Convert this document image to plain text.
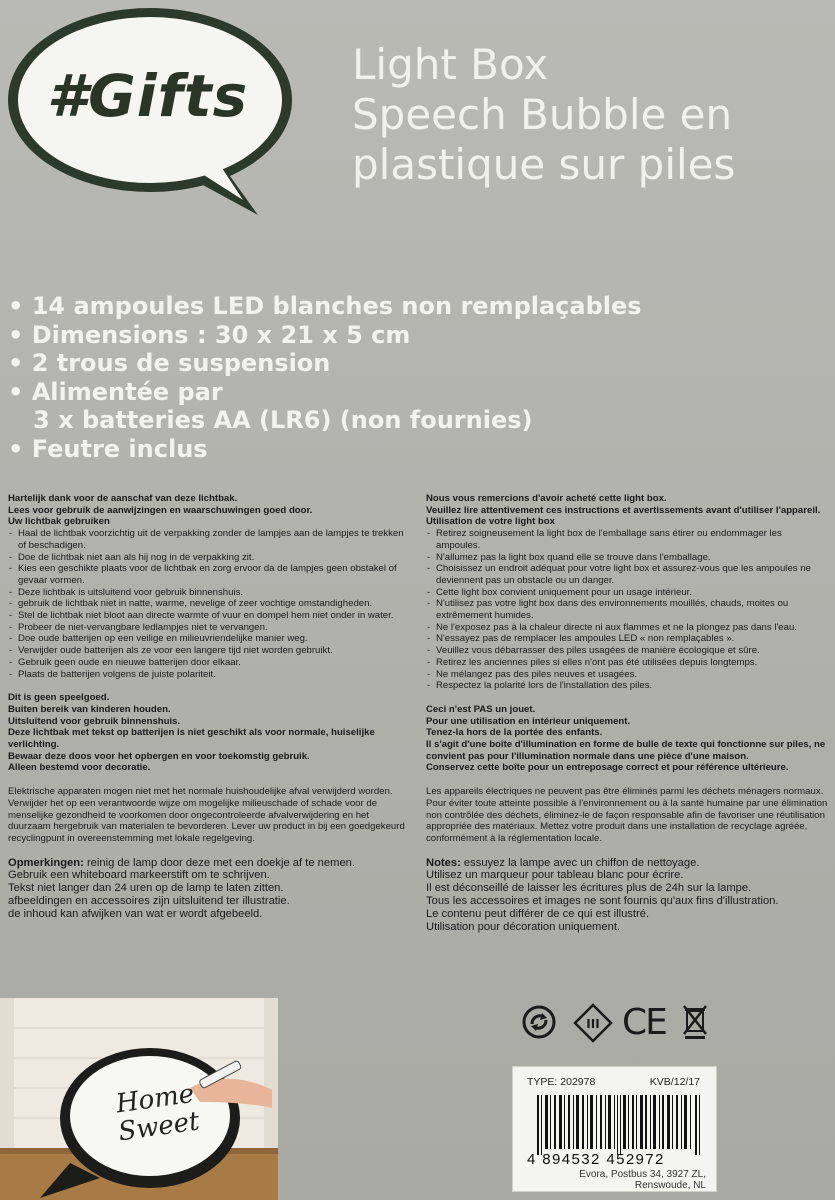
#Gifts Light Box
Speech Bubble en
plastique sur piles
• 14 ampoules LED blanches non remplaçables
• Dimensions : 30 x 21 x 5 cm
• 2 trous de suspension
• Alimentée par
3 x batteries AA (LR6) (non fournies)
• Feutre inclus

Hartelijk dank voor de aanschaf van deze lichtbak.

Lees voor gebruik de aanwijzingen en waarschuwingen goed door.

Uw lichtbak gebruiken

- Haal de lichtbak voorzichtig uit de verpakking zonder de lampjes aan de lampjes te trekken of beschadigen.
- Doe de lichtbak niet aan als hij nog in de verpakking zit.
- Kies een geschikte plaats voor de lichtbak en zorg ervoor da de lampjes geen obstakel of gevaar vormen.
- Deze lichtbak is uitsluitend voor gebruik binnenshuis.
- gebruik de lichtbak niet in natte, warme, nevelige of zeer vochtige omstandigheden.
- Stel de lichtbak niet bloot aan directe warmte of vuur en dompel hem niet onder in water.
- Probeer de niet-vervangbare ledlampjes niet te vervangen.
- Doe oude batterijen op een veilige en milieuvriendelijke manier weg.
- Verwijder oude batterijen als ze voor een langere tijd niet worden gebruikt.
- Gebruik geen oude en nieuwe batterijen door elkaar.
- Plaats de batterijen volgens de juiste polariteit.

Dit is geen speelgoed.

Buiten bereik van kinderen houden.

Uitsluitend voor gebruik binnenshuis.

Deze lichtbak met tekst op batterijen is niet geschikt als voor normale, huiselijke verlichting.

Bewaar deze doos voor het opbergen en voor toekomstig gebruik.

Alleen bestemd voor decoratie.

Elektrische apparaten mogen niet met het normale huishoudelijke afval verwijderd worden. Verwijder het op een verantwoorde wijze om mogelijke milieuschade of schade voor de menselijke gezondheid te voorkomen door ongecontroleerde afvalverwijdering en het duurzaam hergebruik van materialen te bevorderen. Lever uw product in bij een goedgekeurd recyclingpunt in overeenstemming met lokale regelgeving.

Opmerkingen: reinig de lamp door deze met een doekje af te nemen.

Gebruik een whiteboard markeerstift om te schrijven.

Tekst niet langer dan 24 uren op de lamp te laten zitten.

afbeeldingen en accessoires zijn uitsluitend ter illustratie.

de inhoud kan afwijken van wat er wordt afgebeeld.

Nous vous remercions d'avoir acheté cette light box.

Veuillez lire attentivement ces instructions et avertissements avant d'utiliser l'appareil.

Utilisation de votre light box

- Retirez soigneusement la light box de l'emballage sans étirer ou endommager les ampoules.
- N'allumez pas la light box quand elle se trouve dans l'emballage.
- Choisissez un endroit adéquat pour votre light box et assurez-vous que les ampoules ne deviennent pas un obstacle ou un danger.
- Cette light box convient uniquement pour un usage intérieur.
- N'utilisez pas votre light box dans des environnements mouillés, chauds, moites ou extrêmement humides.
- Ne l'exposez pas à la chaleur directe ni aux flammes et ne la plongez pas dans l'eau.
- N'essayez pas de remplacer les ampoules LED « non remplaçables ».
- Veuillez vous débarrasser des piles usagées de manière écologique et sûre.
- Retirez les anciennes piles si elles n'ont pas été utilisées depuis longtemps.
- Ne mélangez pas des piles neuves et usagées.
- Respectez la polarité lors de l'installation des piles.

Ceci n'est PAS un jouet.

Pour une utilisation en intérieur uniquement.

Tenez-la hors de la portée des enfants.

Il s'agit d'une boîte d'illumination en forme de bulle de texte qui fonctionne sur piles, ne convient pas pour l'illumination normale dans une pièce d'une maison.

Conservez cette boîte pour un entreposage correct et pour référence ultérieure.

Les appareils électriques ne peuvent pas être éliminés parmi les déchets ménagers normaux. Pour éviter toute atteinte possible à l'environnement ou à la santé humaine par une élimination non contrôlée des déchets, éliminez-le de façon responsable afin de favoriser une réutilisation appropriée des matériaux. Mettez votre produit dans une installation de recyclage agréée, conformément à la réglementation locale.

Notes: essuyez la lampe avec un chiffon de nettoyage.

Utilisez un marqueur pour tableau blanc pour écrire.

Il est déconseillé de laisser les écritures plus de 24h sur la lampe.

Tous les accessoires et images ne sont fournis qu'aux fins d'illustration.

Le contenu peut différer de ce qui est illustré.

Utilisation pour décoration uniquement.

Home
Sweet
III CE
TYPE: 202978	KVB/12/17
4 894532 452972
Evora, Postbus 34, 3927 ZL,
Renswoude, NL
